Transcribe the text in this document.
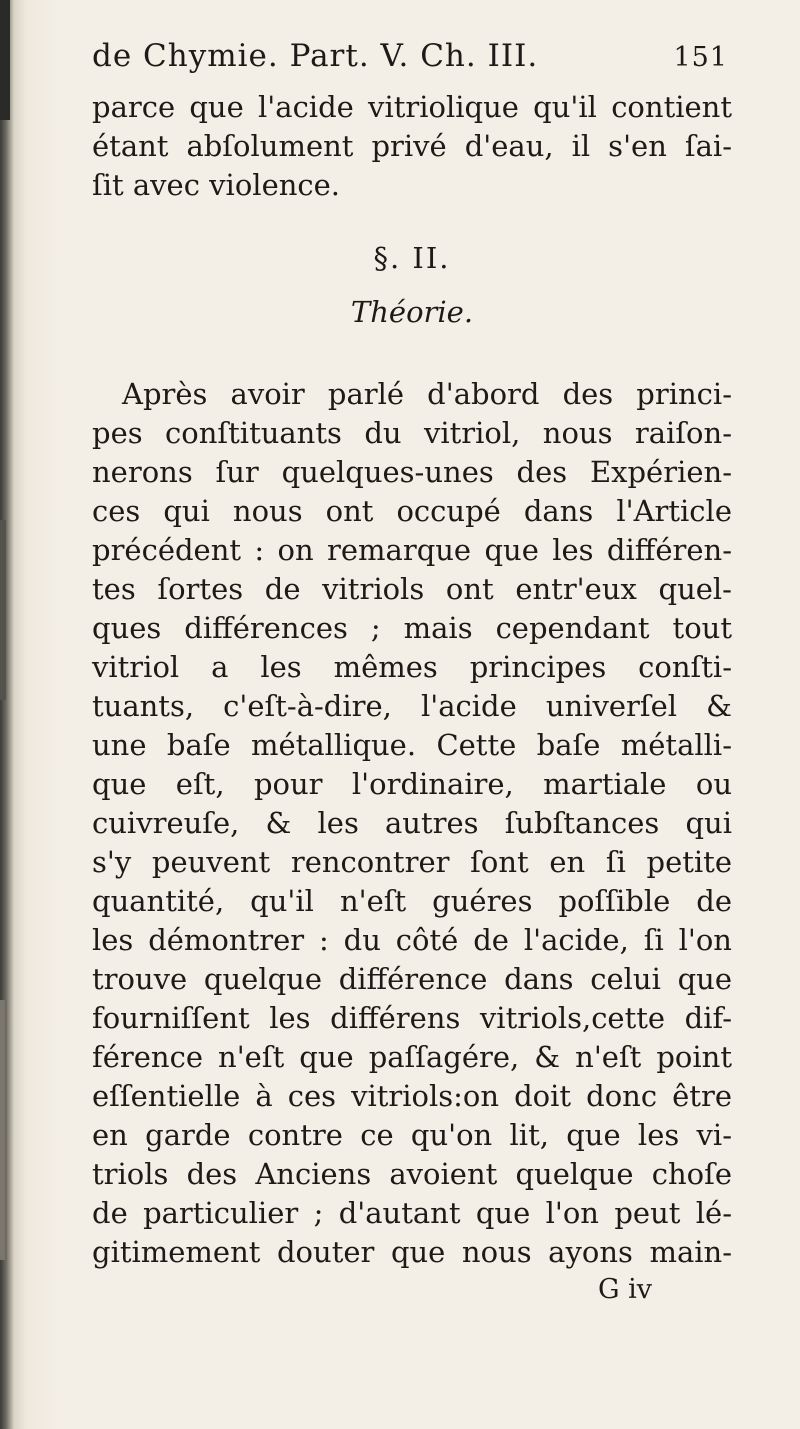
de Chymie. Part. V. Ch. III.	151
parce que l'acide vitriolique qu'il contient
étant abſolument privé d'eau, il s'en ſai-
ſit avec violence.
§. II.
Théorie.
Après avoir parlé d'abord des princi-
pes conſtituants du vitriol, nous raiſon-
nerons ſur quelques-unes des Expérien-
ces qui nous ont occupé dans l'Article
précédent : on remarque que les différen-
tes ſortes de vitriols ont entr'eux quel-
ques différences ; mais cependant tout
vitriol a les mêmes principes conſti-
tuants, c'eſt-à-dire, l'acide univerſel &
une baſe métallique. Cette baſe métalli-
que eſt, pour l'ordinaire, martiale ou
cuivreuſe, & les autres ſubſtances qui
s'y peuvent rencontrer ſont en ſi petite
quantité, qu'il n'eſt guéres poſſible de
les démontrer : du côté de l'acide, ſi l'on
trouve quelque différence dans celui que
fourniſſent les différens vitriols,cette dif-
férence n'eſt que paſſagére, & n'eſt point
eſſentielle à ces vitriols:on doit donc être
en garde contre ce qu'on lit, que les vi-
triols des Anciens avoient quelque choſe
de particulier ; d'autant que l'on peut lé-
gitimement douter que nous ayons main-
G iv
